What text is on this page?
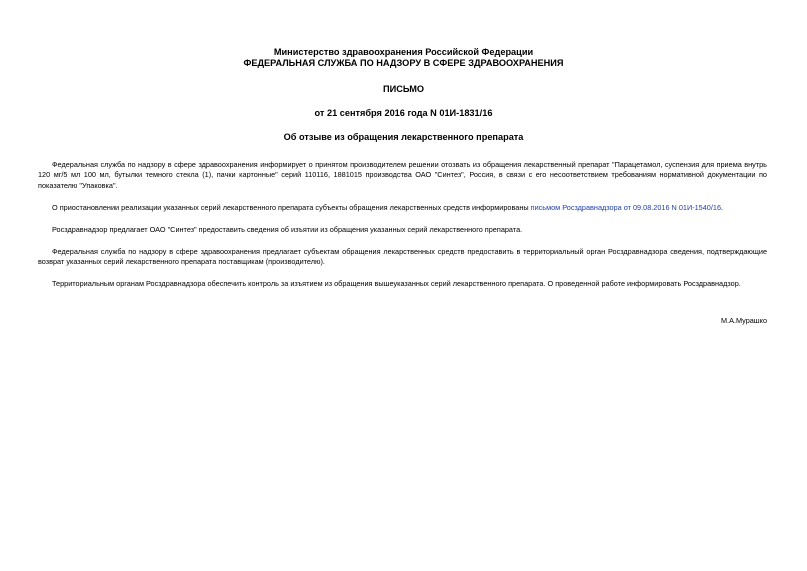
Министерство здравоохранения Российской Федерации
ФЕДЕРАЛЬНАЯ СЛУЖБА ПО НАДЗОРУ В СФЕРЕ ЗДРАВООХРАНЕНИЯ
ПИСЬМО
от 21 сентября 2016 года N 01И-1831/16
Об отзыве из обращения лекарственного препарата

Федеральная служба по надзору в сфере здравоохранения информирует о принятом производителем решении отозвать из обращения лекарственный препарат "Парацетамол, суспензия для приема внутрь 120 мг/5 мл 100 мл, бутылки темного стекла (1), пачки картонные" серий 110116, 1881015 производства ОАО "Синтез", Россия, в связи с его несоответствием требованиям нормативной документации по показателю "Упаковка".

О приостановлении реализации указанных серий лекарственного препарата субъекты обращения лекарственных средств информированы письмом Росздравнадзора от 09.08.2016 N 01И-1540/16.

Росздравнадзор предлагает ОАО "Синтез" предоставить сведения об изъятии из обращения указанных серий лекарственного препарата.

Федеральная служба по надзору в сфере здравоохранения предлагает субъектам обращения лекарственных средств предоставить в территориальный орган Росздравнадзора сведения, подтверждающие возврат указанных серий лекарственного препарата поставщикам (производителю).

Территориальным органам Росздравнадзора обеспечить контроль за изъятием из обращения вышеуказанных серий лекарственного препарата. О проведенной работе информировать Росздравнадзор.

М.А.Мурашко
